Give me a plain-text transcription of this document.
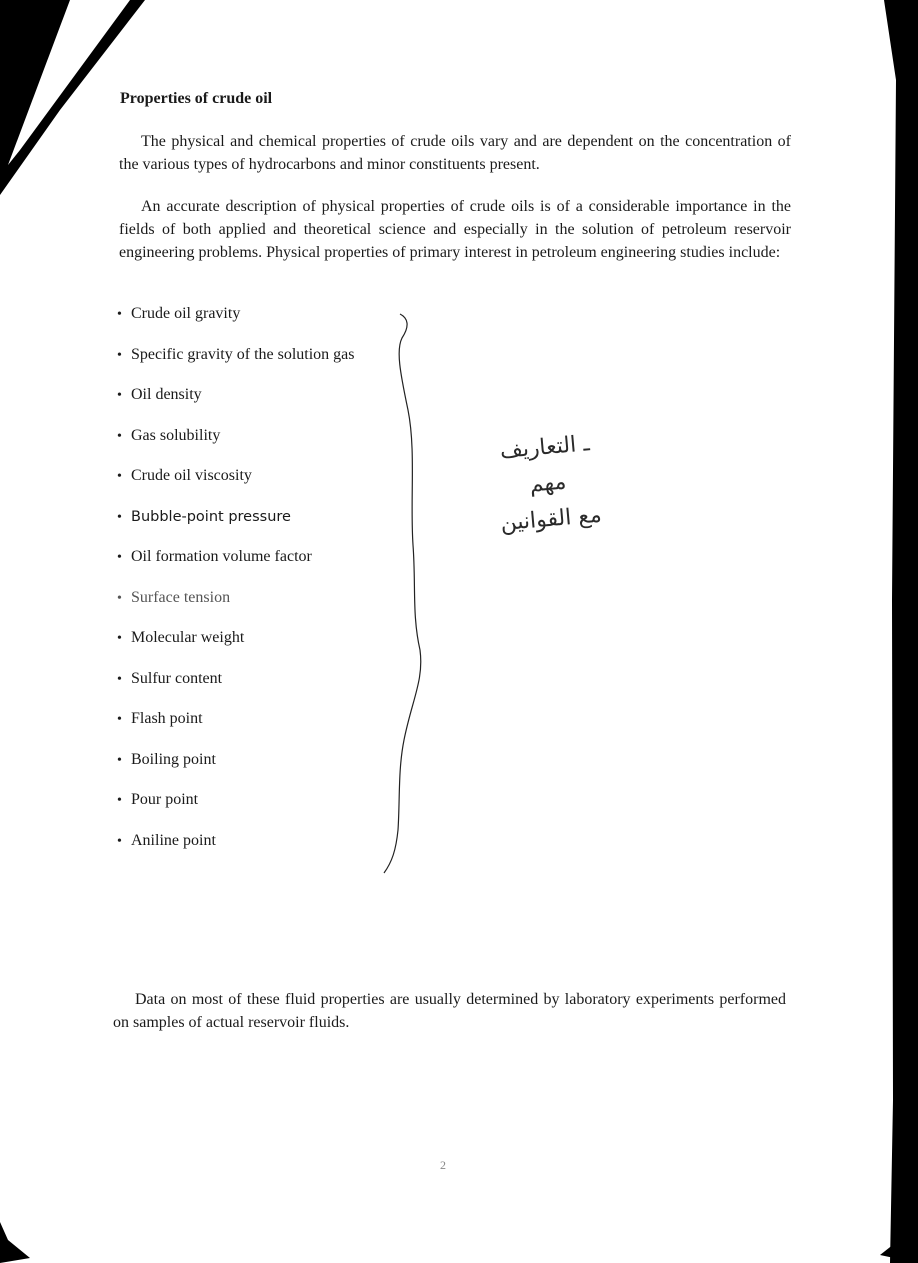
Properties of crude oil
The physical and chemical properties of crude oils vary and are dependent on the concentration of the various types of hydrocarbons and minor constituents present.
An accurate description of physical properties of crude oils is of a considerable importance in the fields of both applied and theoretical science and especially in the solution of petroleum reservoir engineering problems. Physical properties of primary interest in petroleum engineering studies include:
• Crude oil gravity
• Specific gravity of the solution gas
• Oil density
• Gas solubility
• Crude oil viscosity
• Bubble-point pressure
• Oil formation volume factor
• Surface tension
• Molecular weight
• Sulfur content
• Flash point
• Boiling point
• Pour point
• Aniline point
ـ التعاريف
مهم
مع القوانين
Data on most of these fluid properties are usually determined by laboratory experiments performed on samples of actual reservoir fluids.
2
